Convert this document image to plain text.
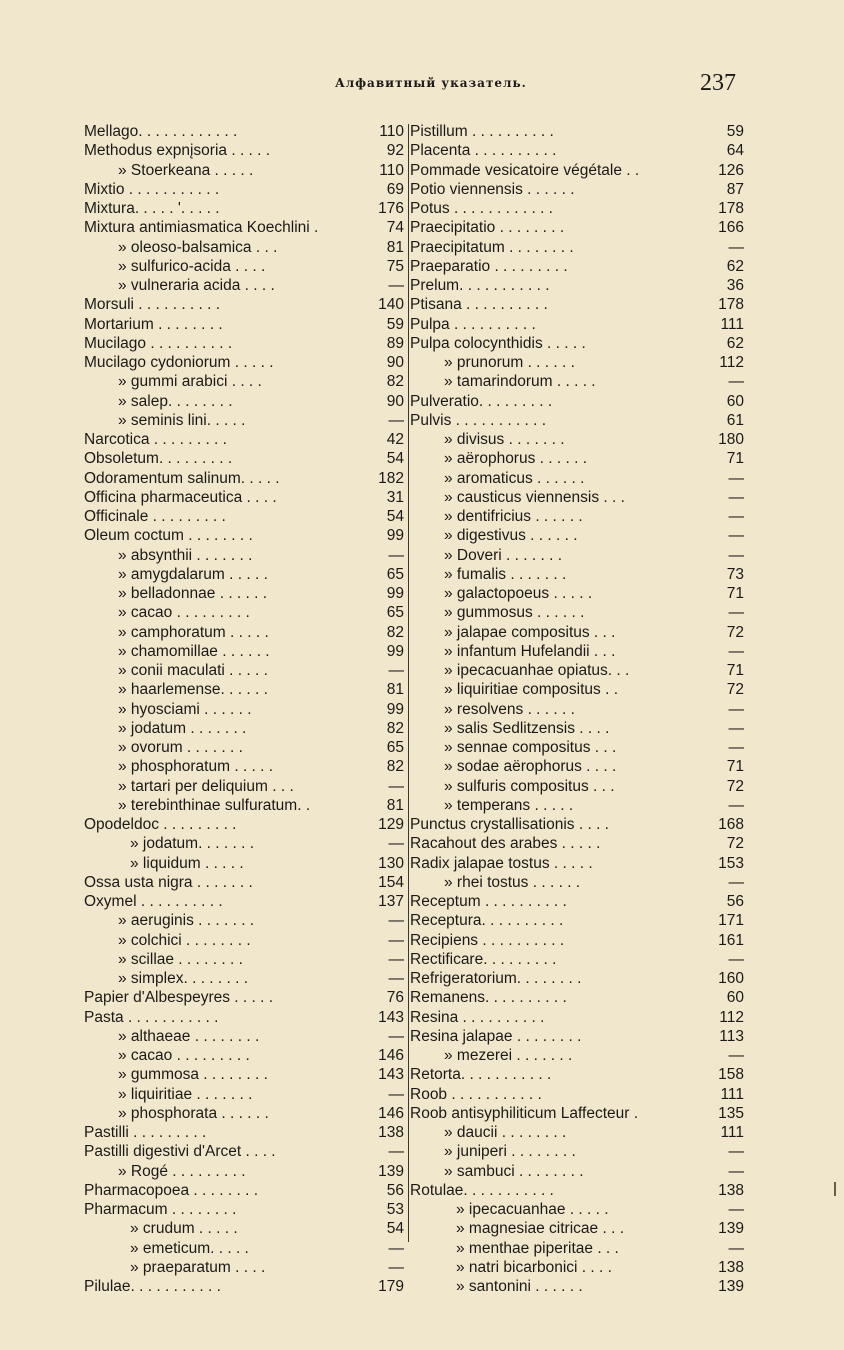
Алфавитный указатель.	237
Mellago. . . . . . . . . . . .	110
Methodus expnįsoria . . . . .	92
» Stoerkeana . . . . .	110
Mixtio . . . . . . . . . . .	69
Mixtura. . . . . '. . . . .	176
Mixtura antimiasmatica Koechlini .	74
» oleoso-balsamica . . .	81
» sulfurico-acida . . . .	75
» vulneraria acida . . . .	—
Morsuli . . . . . . . . . .	140
Mortarium . . . . . . . .	59
Mucilago . . . . . . . . . .	89
Mucilago cydoniorum . . . . .	90
» gummi arabici . . . .	82
» salep. . . . . . . .	90
» seminis lini. . . . .	—
Narcotica . . . . . . . . .	42
Obsoletum. . . . . . . . .	54
Odoramentum salinum. . . . .	182
Officina pharmaceutica . . . .	31
Officinale . . . . . . . . .	54
Oleum coctum . . . . . . . .	99
» absynthii . . . . . . .	—
» amygdalarum . . . . .	65
» belladonnae . . . . . .	99
» cacao . . . . . . . . .	65
» camphoratum . . . . .	82
» chamomillae . . . . . .	99
» conii maculati . . . . .	—
» haarlemense. . . . . .	81
» hyosciami . . . . . .	99
» jodatum . . . . . . .	82
» ovorum . . . . . . .	65
» phosphoratum . . . . .	82
» tartari per deliquium . . .	—
» terebinthinae sulfuratum. .	81
Opodeldoc . . . . . . . . .	129
» jodatum. . . . . . .	—
» liquidum . . . . .	130
Ossa usta nigra . . . . . . .	154
Oxymel . . . . . . . . . .	137
» aeruginis . . . . . . .	—
» colchici . . . . . . . .	—
» scillae . . . . . . . .	—
» simplex. . . . . . . .	—
Papier d'Albespeyres . . . . .	76
Pasta . . . . . . . . . . .	143
» althaeae . . . . . . . .	—
» cacao . . . . . . . . .	146
» gummosa . . . . . . . .	143
» liquiritiae . . . . . . .	—
» phosphorata . . . . . .	146
Pastilli . . . . . . . . .	138
Pastilli digestivi d'Arcet . . . .	—
» Rogé . . . . . . . . .	139
Pharmacopoea . . . . . . . .	56
Pharmacum . . . . . . . .	53
» crudum . . . . .	54
» emeticum. . . . .	—
» praeparatum . . . .	—
Pilulae. . . . . . . . . . .	179
Pistillum . . . . . . . . . .	59
Placenta . . . . . . . . . .	64
Pommade vesicatoire végétale . .	126
Potio viennensis . . . . . .	87
Potus . . . . . . . . . . . .	178
Praecipitatio . . . . . . . .	166
Praecipitatum . . . . . . . .	—
Praeparatio . . . . . . . . .	62
Prelum. . . . . . . . . . .	36
Ptisana . . . . . . . . . .	178
Pulpa . . . . . . . . . .	111
Pulpa colocynthidis . . . . .	62
» prunorum . . . . . .	112
» tamarindorum . . . . .	—
Pulveratio. . . . . . . . .	60
Pulvis . . . . . . . . . . .	61
» divisus . . . . . . .	180
» aërophorus . . . . . .	71
» aromaticus . . . . . .	—
» causticus viennensis . . .	—
» dentifricius . . . . . .	—
» digestivus . . . . . .	—
» Doveri . . . . . . .	—
» fumalis . . . . . . .	73
» galactopoeus . . . . .	71
» gummosus . . . . . .	—
» jalapae compositus . . .	72
» infantum Hufelandii . . .	—
» ipecacuanhae opiatus. . .	71
» liquiritiae compositus . .	72
» resolvens . . . . . .	—
» salis Sedlitzensis . . . .	—
» sennae compositus . . .	—
» sodae aërophorus . . . .	71
» sulfuris compositus . . .	72
» temperans . . . . .	—
Punctus crystallisationis . . . .	168
Racahout des arabes . . . . .	72
Radix jalapae tostus . . . . .	153
» rhei tostus . . . . . .	—
Receptum . . . . . . . . . .	56
Receptura. . . . . . . . . .	171
Recipiens . . . . . . . . . .	161
Rectificare. . . . . . . . .	—
Refrigeratorium. . . . . . . .	160
Remanens. . . . . . . . . .	60
Resina . . . . . . . . . .	112
Resina jalapae . . . . . . . .	113
» mezerei . . . . . . .	—
Retorta. . . . . . . . . . .	158
Roob . . . . . . . . . . .	111
Roob antisyphiliticum Laffecteur .	135
» daucii . . . . . . . .	111
» juniperi . . . . . . . .	—
» sambuci . . . . . . . .	—
Rotulae. . . . . . . . . . .	138
» ipecacuanhae . . . . .	—
» magnesiae citricae . . .	139
» menthae piperitae . . .	—
» natri bicarbonici . . . .	138
» santonini . . . . . .	139
